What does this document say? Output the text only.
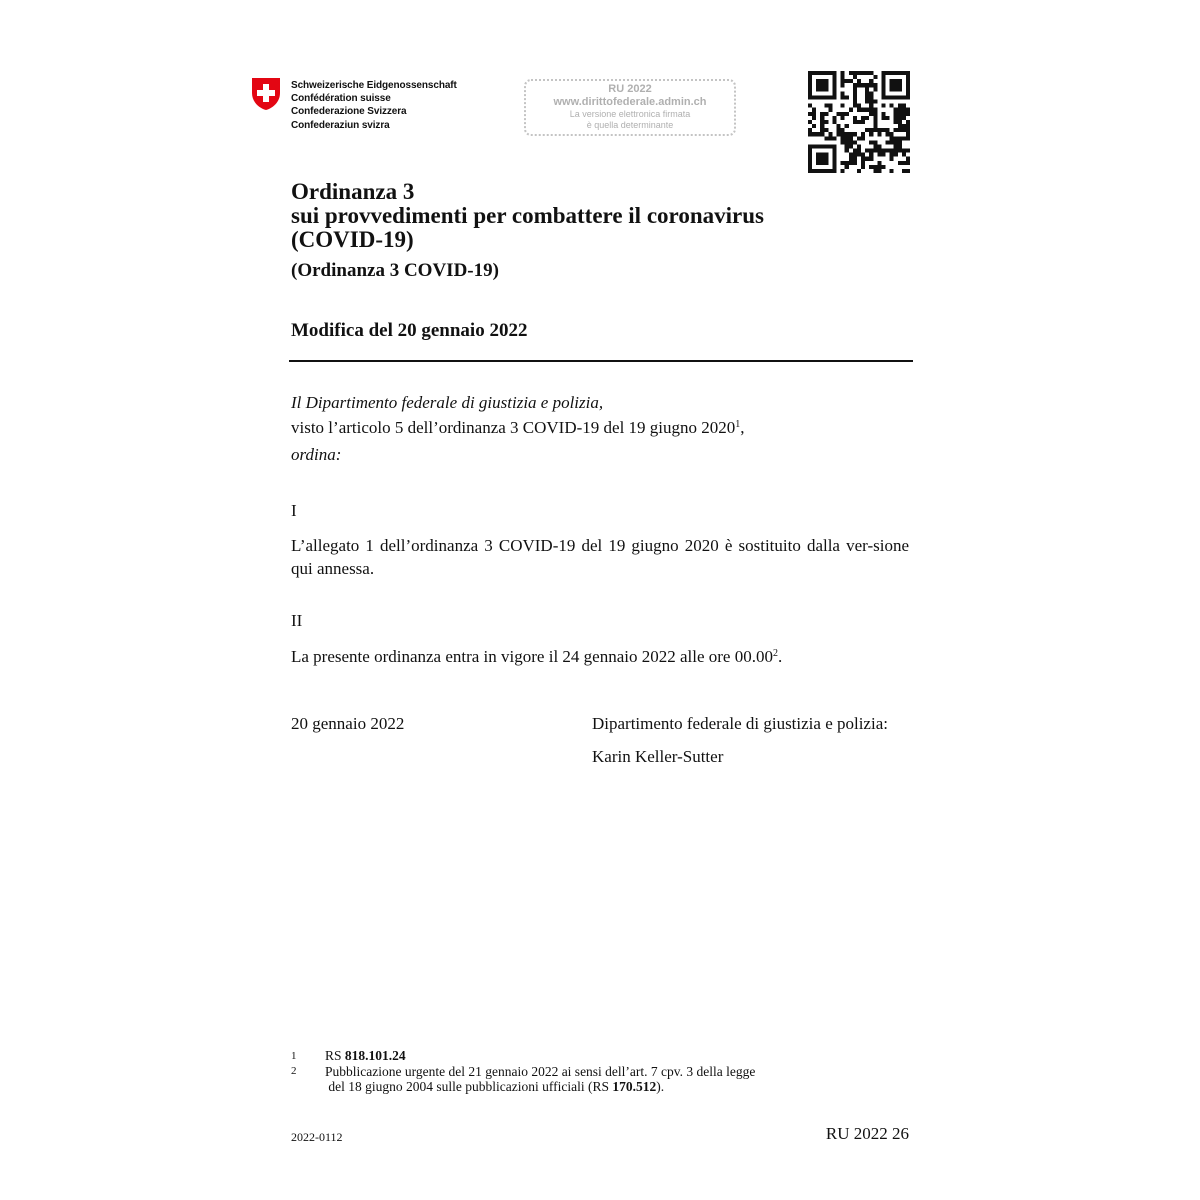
Schweizerische Eidgenossenschaft
Confédération suisse
Confederazione Svizzera
Confederaziun svizra
RU 2022
www.dirittofederale.admin.ch
La versione elettronica firmata
è quella determinante
Ordinanza 3
sui provvedimenti per combattere il coronavirus
(COVID-19)
(Ordinanza 3 COVID-19)
Modifica del 20 gennaio 2022
Il Dipartimento federale di giustizia e polizia,
visto l’articolo 5 dell’ordinanza 3 COVID-19 del 19 giugno 2020$^1$,
ordina:
I
L’allegato 1 dell’ordinanza 3 COVID-19 del 19 giugno 2020 è sostituito dalla ver-sione qui annessa.
II
La presente ordinanza entra in vigore il 24 gennaio 2022 alle ore 00.00$^2$.
20 gennaio 2022	Dipartimento federale di giustizia e polizia:
Karin Keller-Sutter
1 RS 818.101.24
2 Pubblicazione urgente del 21 gennaio 2022 ai sensi dell’art. 7 cpv. 3 della legge
del 18 giugno 2004 sulle pubblicazioni ufficiali (RS 170.512).
2022-0112	RU 2022 26
